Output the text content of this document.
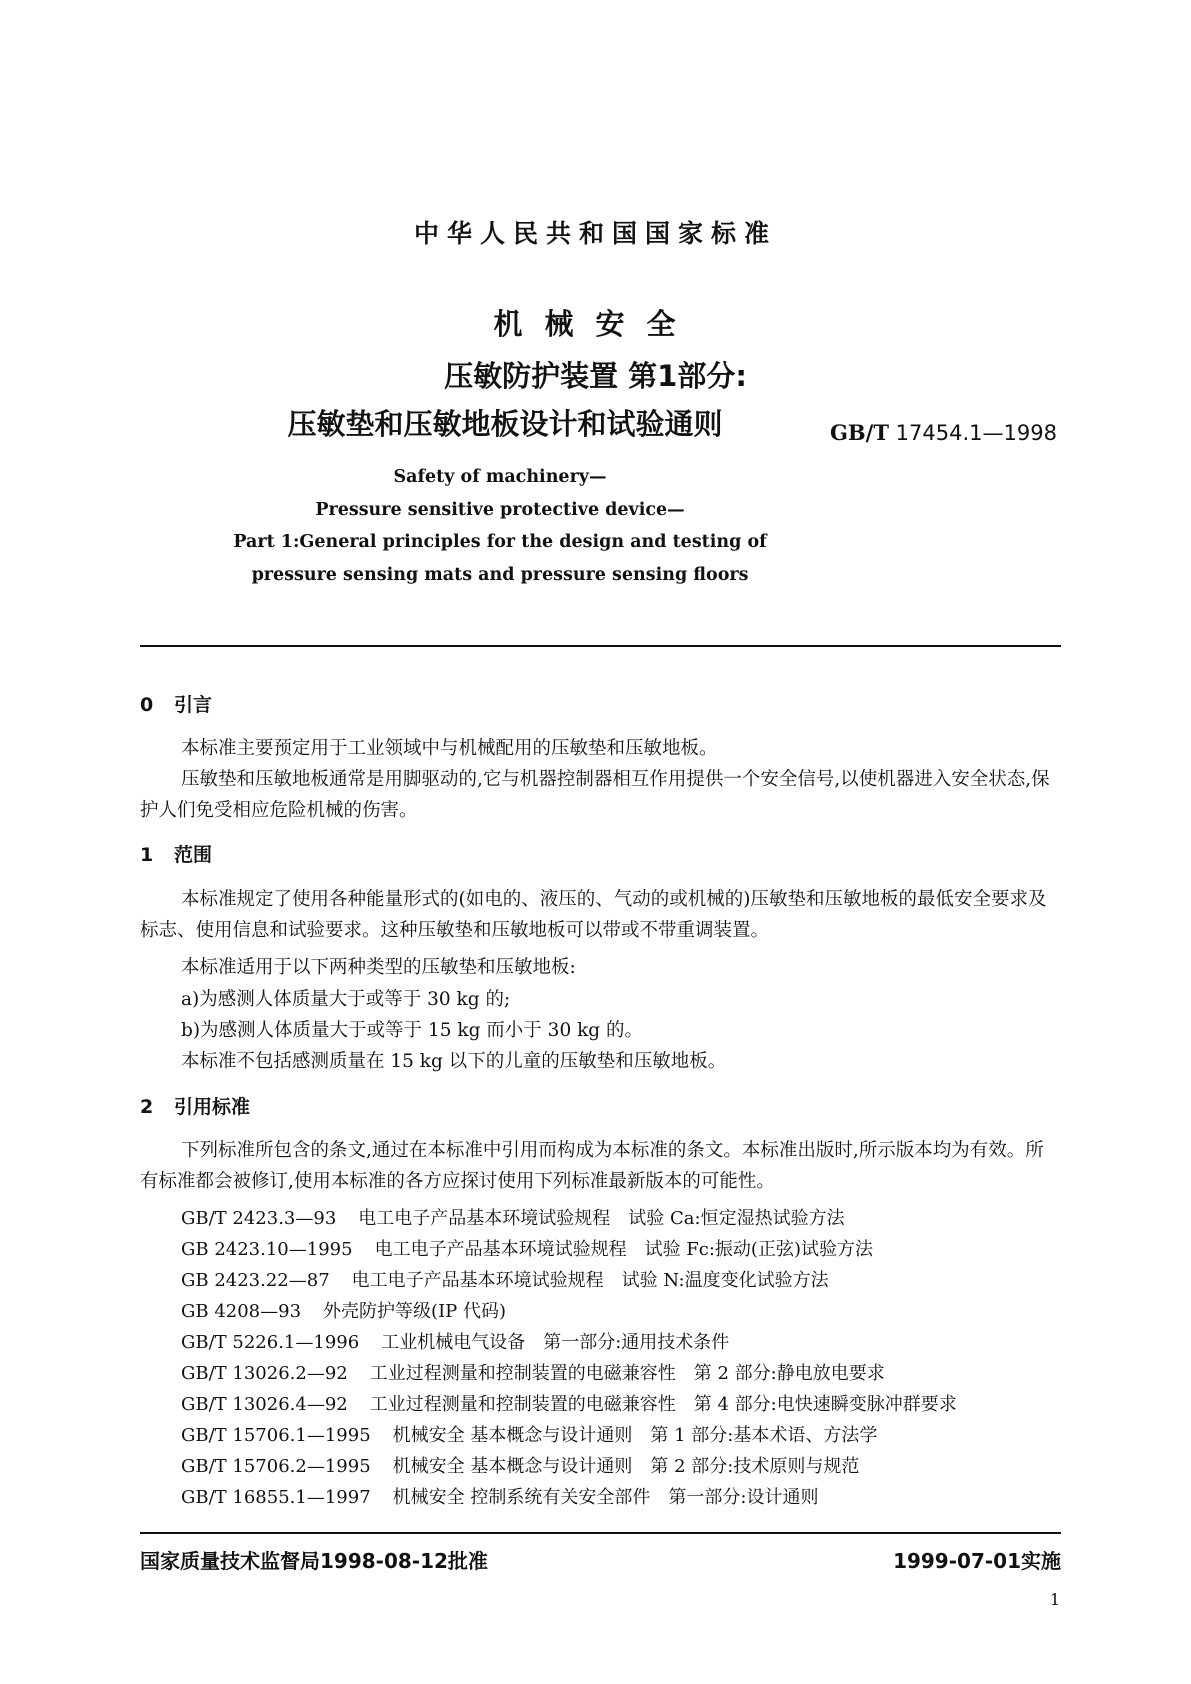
中华人民共和国国家标准
机械安全
压敏防护装置 第1部分:
压敏垫和压敏地板设计和试验通则	GB/T 17454.1—1998
Safety of machinery—
Pressure sensitive protective device—
Part 1:General principles for the design and testing of
pressure sensing mats and pressure sensing floors
0 引言
本标准主要预定用于工业领域中与机械配用的压敏垫和压敏地板。
压敏垫和压敏地板通常是用脚驱动的,它与机器控制器相互作用提供一个安全信号,以使机器进入安全状态,保护人们免受相应危险机械的伤害。
1 范围
本标准规定了使用各种能量形式的(如电的、液压的、气动的或机械的)压敏垫和压敏地板的最低安全要求及标志、使用信息和试验要求。这种压敏垫和压敏地板可以带或不带重调装置。
本标准适用于以下两种类型的压敏垫和压敏地板:
a)为感测人体质量大于或等于 30 kg 的;
b)为感测人体质量大于或等于 15 kg 而小于 30 kg 的。
本标准不包括感测质量在 15 kg 以下的儿童的压敏垫和压敏地板。
2 引用标准
下列标准所包含的条文,通过在本标准中引用而构成为本标准的条文。本标准出版时,所示版本均为有效。所有标准都会被修订,使用本标准的各方应探讨使用下列标准最新版本的可能性。
GB/T 2423.3—93 电工电子产品基本环境试验规程 试验 Ca:恒定湿热试验方法
GB 2423.10—1995 电工电子产品基本环境试验规程 试验 Fc:振动(正弦)试验方法
GB 2423.22—87 电工电子产品基本环境试验规程 试验 N:温度变化试验方法
GB 4208—93 外壳防护等级(IP 代码)
GB/T 5226.1—1996 工业机械电气设备 第一部分:通用技术条件
GB/T 13026.2—92 工业过程测量和控制装置的电磁兼容性 第 2 部分:静电放电要求
GB/T 13026.4—92 工业过程测量和控制装置的电磁兼容性 第 4 部分:电快速瞬变脉冲群要求
GB/T 15706.1—1995 机械安全 基本概念与设计通则 第 1 部分:基本术语、方法学
GB/T 15706.2—1995 机械安全 基本概念与设计通则 第 2 部分:技术原则与规范
GB/T 16855.1—1997 机械安全 控制系统有关安全部件 第一部分:设计通则
国家质量技术监督局1998-08-12批准	1999-07-01实施
1
